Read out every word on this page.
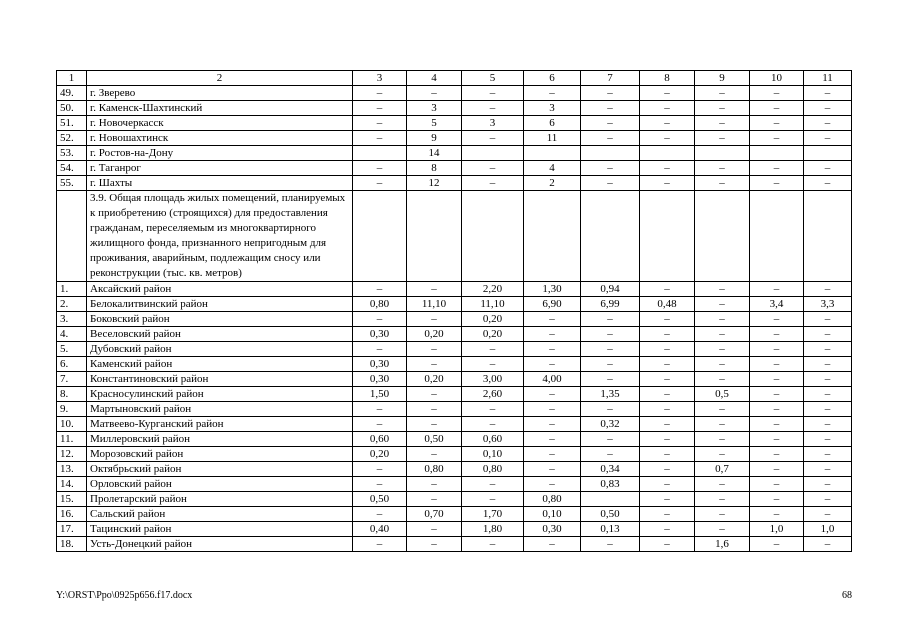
1	2	3	4	5	6	7	8	9	10	11
49.	г. Зверево	–	–	–	–	–	–	–	–	–
50.	г. Каменск-Шахтинский	–	3	–	3	–	–	–	–	–
51.	г. Новочеркасск	–	5	3	6	–	–	–	–	–
52.	г. Новошахтинск	–	9	–	11	–	–	–	–	–
53.	г. Ростов-на-Дону		14							
54.	г. Таганрог	–	8	–	4	–	–	–	–	–
55.	г. Шахты	–	12	–	2	–	–	–	–	–
	3.9. Общая площадь жилых помещений, планируемых к приобретению (строящихся) для предоставления гражданам, переселяемым из многоквартирного жилищного фонда, признанного непригодным для проживания, аварийным, подлежащим сносу или реконструкции (тыс. кв. метров)									
1.	Аксайский район	–	–	2,20	1,30	0,94	–	–	–	–
2.	Белокалитвинский район	0,80	11,10	11,10	6,90	6,99	0,48	–	3,4	3,3
3.	Боковский район	–	–	0,20	–	–	–	–	–	–
4.	Веселовский район	0,30	0,20	0,20	–	–	–	–	–	–
5.	Дубовский район	–	–	–	–	–	–	–	–	–
6.	Каменский район	0,30	–	–	–	–	–	–	–	–
7.	Константиновский район	0,30	0,20	3,00	4,00	–	–	–	–	–
8.	Красносулинский район	1,50	–	2,60	–	1,35	–	0,5	–	–
9.	Мартыновский район	–	–	–	–	–	–	–	–	–
10.	Матвеево-Курганский район	–	–	–	–	0,32	–	–	–	–
11.	Миллеровский район	0,60	0,50	0,60	–	–	–	–	–	–
12.	Морозовский район	0,20	–	0,10	–	–	–	–	–	–
13.	Октябрьский район	–	0,80	0,80	–	0,34	–	0,7	–	–
14.	Орловский район	–	–	–	–	0,83	–	–	–	–
15.	Пролетарский район	0,50	–	–	0,80		–	–	–	–
16.	Сальский район	–	0,70	1,70	0,10	0,50	–	–	–	–
17.	Тацинский район	0,40	–	1,80	0,30	0,13	–	–	1,0	1,0
18.	Усть-Донецкий район	–	–	–	–	–	–	1,6	–	–
Y:\ORST\Ppo\0925p656.f17.docx	68
